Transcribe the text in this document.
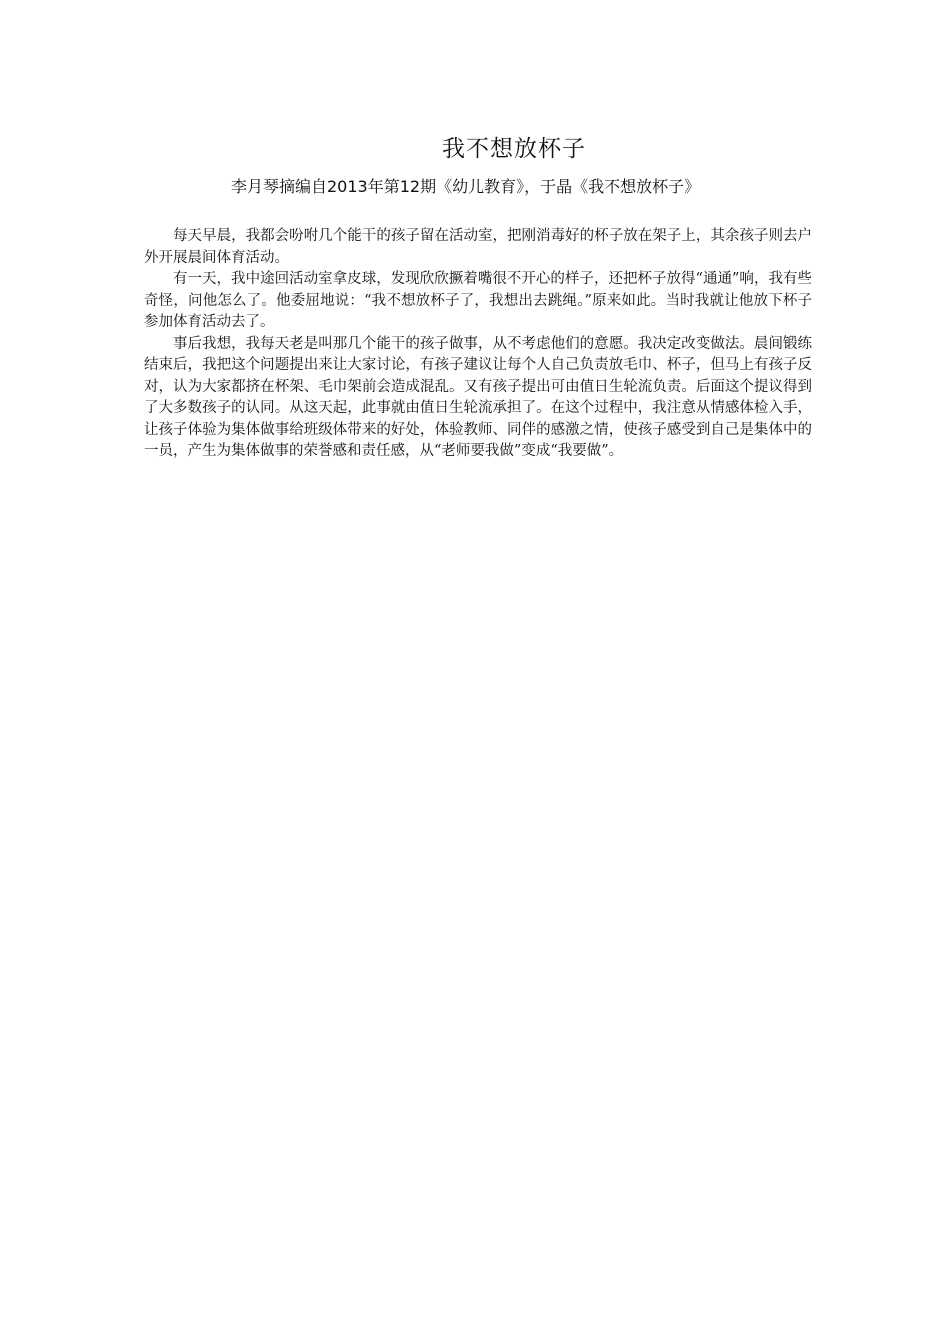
我不想放杯子
李月琴摘编自2013年第12期《幼儿教育》，于晶《我不想放杯子》

每天早晨，我都会吩咐几个能干的孩子留在活动室，把刚消毒好的杯子放在架子上，其余孩子则去户外开展晨间体育活动。

有一天，我中途回活动室拿皮球，发现欣欣撅着嘴很不开心的样子，还把杯子放得“通通”响，我有些奇怪，问他怎么了。他委屈地说：“我不想放杯子了，我想出去跳绳。”原来如此。当时我就让他放下杯子参加体育活动去了。

事后我想，我每天老是叫那几个能干的孩子做事，从不考虑他们的意愿。我决定改变做法。晨间锻练结束后，我把这个问题提出来让大家讨论，有孩子建议让每个人自己负责放毛巾、杯子，但马上有孩子反对，认为大家都挤在杯架、毛巾架前会造成混乱。又有孩子提出可由值日生轮流负责。后面这个提议得到了大多数孩子的认同。从这天起，此事就由值日生轮流承担了。在这个过程中，我注意从情感体检入手，让孩子体验为集体做事给班级体带来的好处，体验教师、同伴的感激之情，使孩子感受到自己是集体中的一员，产生为集体做事的荣誉感和责任感，从“老师要我做”变成“我要做”。
